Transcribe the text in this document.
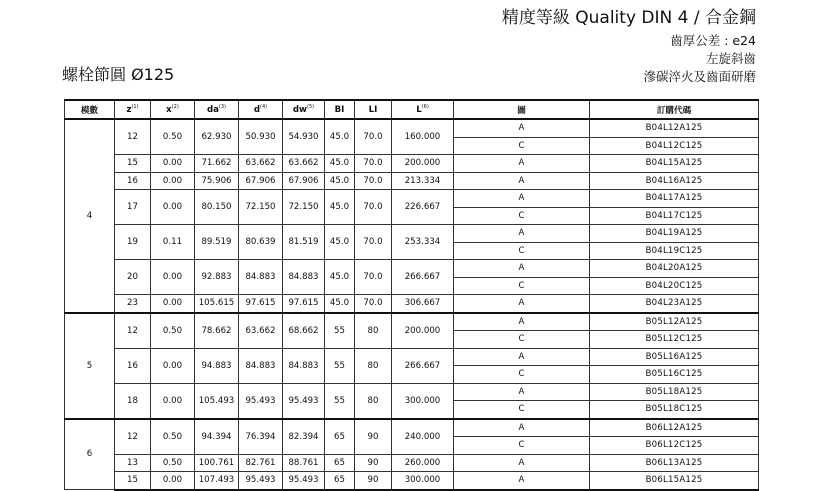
精度等級 Quality DIN 4 / 合金鋼
齒厚公差 : e24
左旋斜齒
滲碳淬火及齒面研磨
螺栓節圓 Ø125
模數	$z^{(1)}$	$x^{(2)}$	$da^{(3)}$	$d^{(4)}$	$dw^{(5)}$	BI	LI	$L^{(6)}$	圖	訂購代碼
4	12	0.50	62.930	50.930	54.930	45.0	70.0	160.000	A	B04L12A125
									C	B04L12C125
	15	0.00	71.662	63.662	63.662	45.0	70.0	200.000	A	B04L15A125
	16	0.00	75.906	67.906	67.906	45.0	70.0	213.334	A	B04L16A125
	17	0.00	80.150	72.150	72.150	45.0	70.0	226.667	A	B04L17A125
									C	B04L17C125
	19	0.11	89.519	80.639	81.519	45.0	70.0	253.334	A	B04L19A125
									C	B04L19C125
	20	0.00	92.883	84.883	84.883	45.0	70.0	266.667	A	B04L20A125
									C	B04L20C125
	23	0.00	105.615	97.615	97.615	45.0	70.0	306.667	A	B04L23A125
5	12	0.50	78.662	63.662	68.662	55	80	200.000	A	B05L12A125
									C	B05L12C125
	16	0.00	94.883	84.883	84.883	55	80	266.667	A	B05L16A125
									C	B05L16C125
	18	0.00	105.493	95.493	95.493	55	80	300.000	A	B05L18A125
									C	B05L18C125
6	12	0.50	94.394	76.394	82.394	65	90	240.000	A	B06L12A125
									C	B06L12C125
	13	0.50	100.761	82.761	88.761	65	90	260.000	A	B06L13A125
	15	0.00	107.493	95.493	95.493	65	90	300.000	A	B06L15A125
